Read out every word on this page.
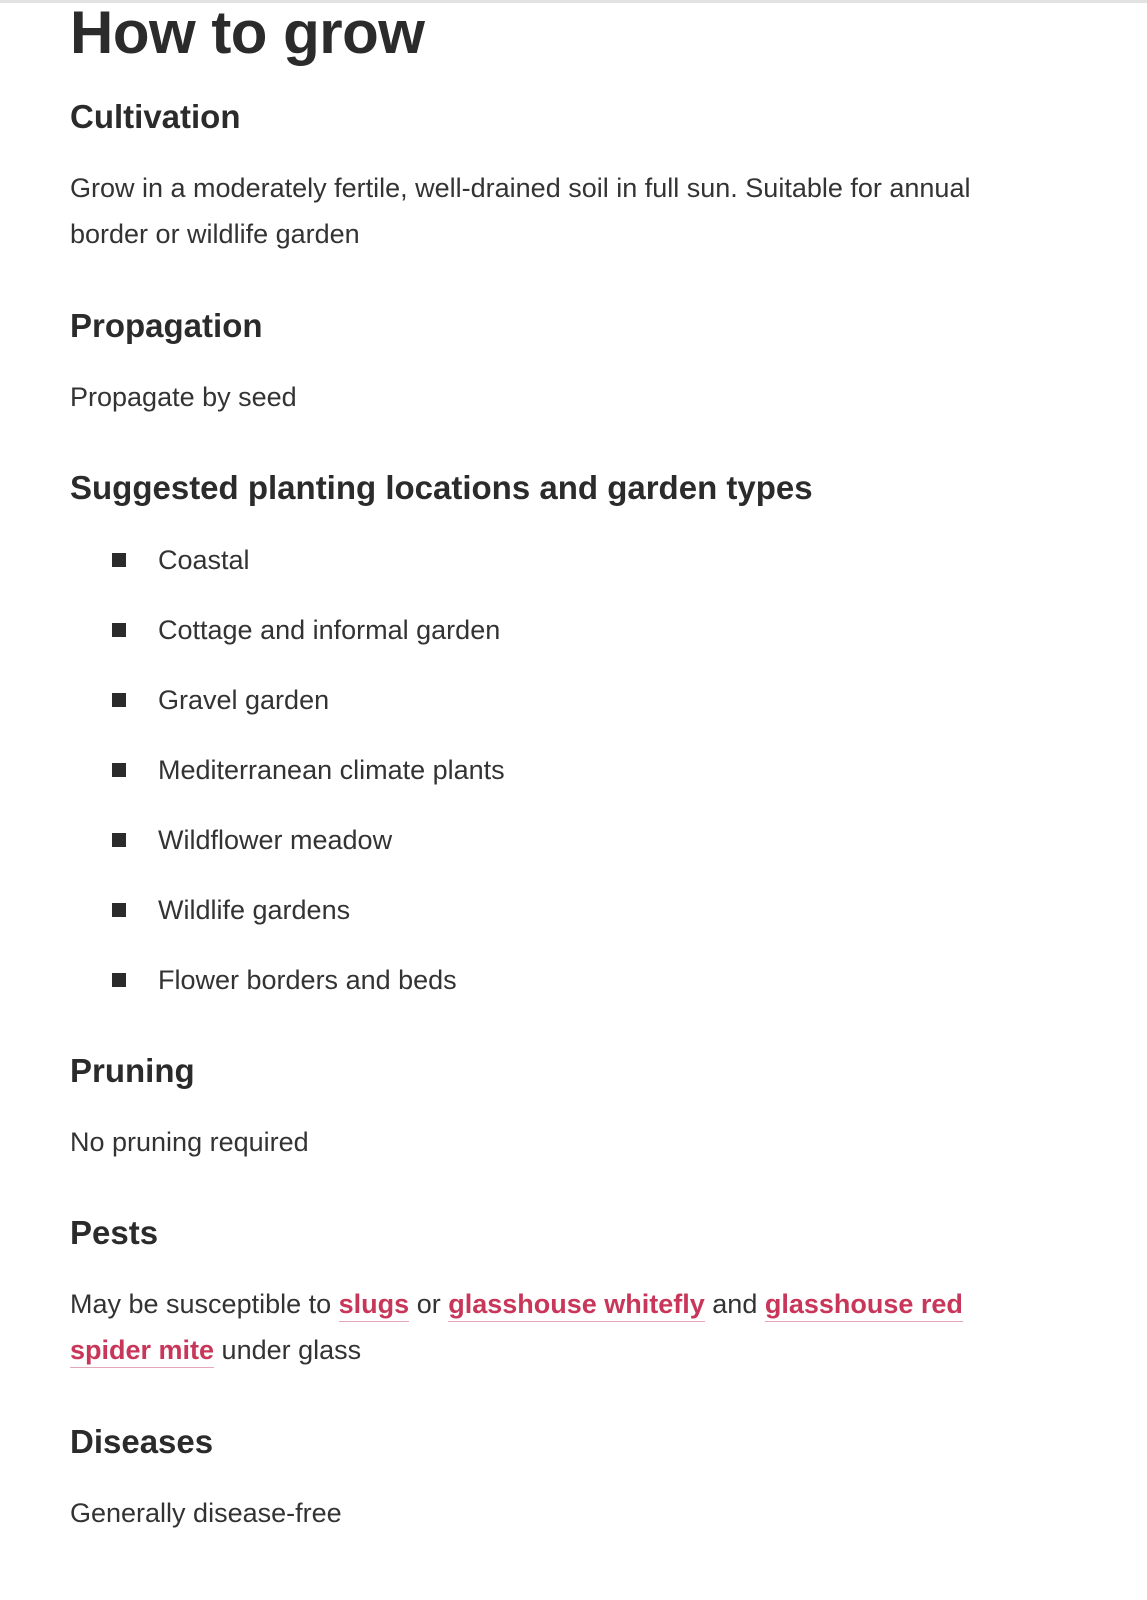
How to grow
Cultivation

Grow in a moderately fertile, well-drained soil in full sun. Suitable for annual border or wildlife garden

Propagation

Propagate by seed

Suggested planting locations and garden types
Coastal
Cottage and informal garden
Gravel garden
Mediterranean climate plants
Wildflower meadow
Wildlife gardens
Flower borders and beds
Pruning

No pruning required

Pests

May be susceptible to slugs or glasshouse whitefly and glasshouse red spider mite under glass

Diseases

Generally disease-free
